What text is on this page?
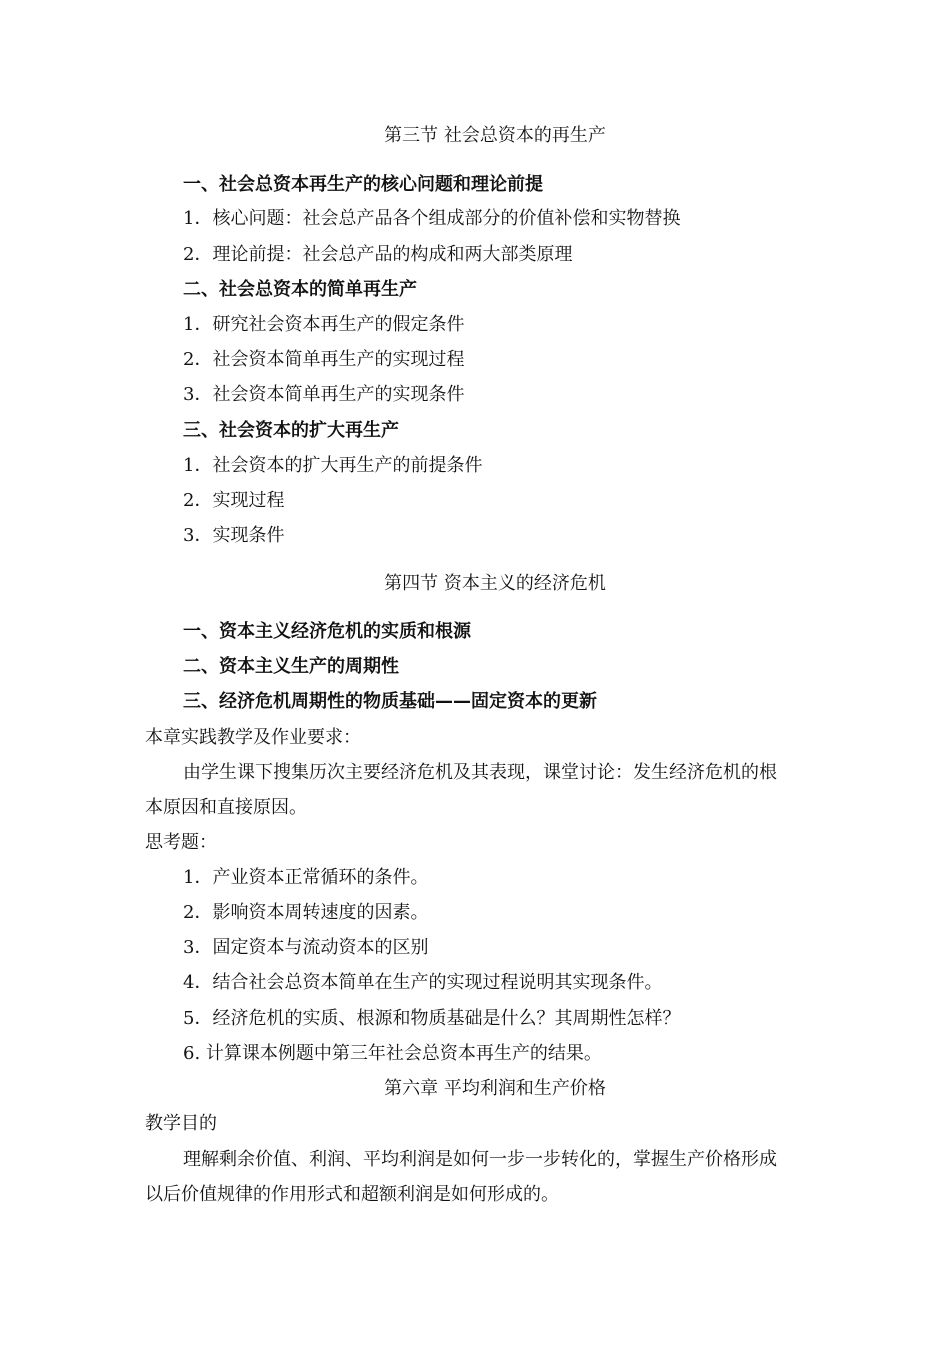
第三节 社会总资本的再生产
一、社会总资本再生产的核心问题和理论前提
1．核心问题：社会总产品各个组成部分的价值补偿和实物替换
2．理论前提：社会总产品的构成和两大部类原理
二、社会总资本的简单再生产
1．研究社会资本再生产的假定条件
2．社会资本简单再生产的实现过程
3．社会资本简单再生产的实现条件
三、社会资本的扩大再生产
1．社会资本的扩大再生产的前提条件
2．实现过程
3．实现条件
第四节 资本主义的经济危机
一、资本主义经济危机的实质和根源
二、资本主义生产的周期性
三、经济危机周期性的物质基础——固定资本的更新
本章实践教学及作业要求：
由学生课下搜集历次主要经济危机及其表现，课堂讨论：发生经济危机的根
本原因和直接原因。
思考题：
1．产业资本正常循环的条件。
2．影响资本周转速度的因素。
3．固定资本与流动资本的区别
4．结合社会总资本简单在生产的实现过程说明其实现条件。
5．经济危机的实质、根源和物质基础是什么？其周期性怎样？
6. 计算课本例题中第三年社会总资本再生产的结果。
第六章 平均利润和生产价格
教学目的
理解剩余价值、利润、平均利润是如何一步一步转化的，掌握生产价格形成
以后价值规律的作用形式和超额利润是如何形成的。
